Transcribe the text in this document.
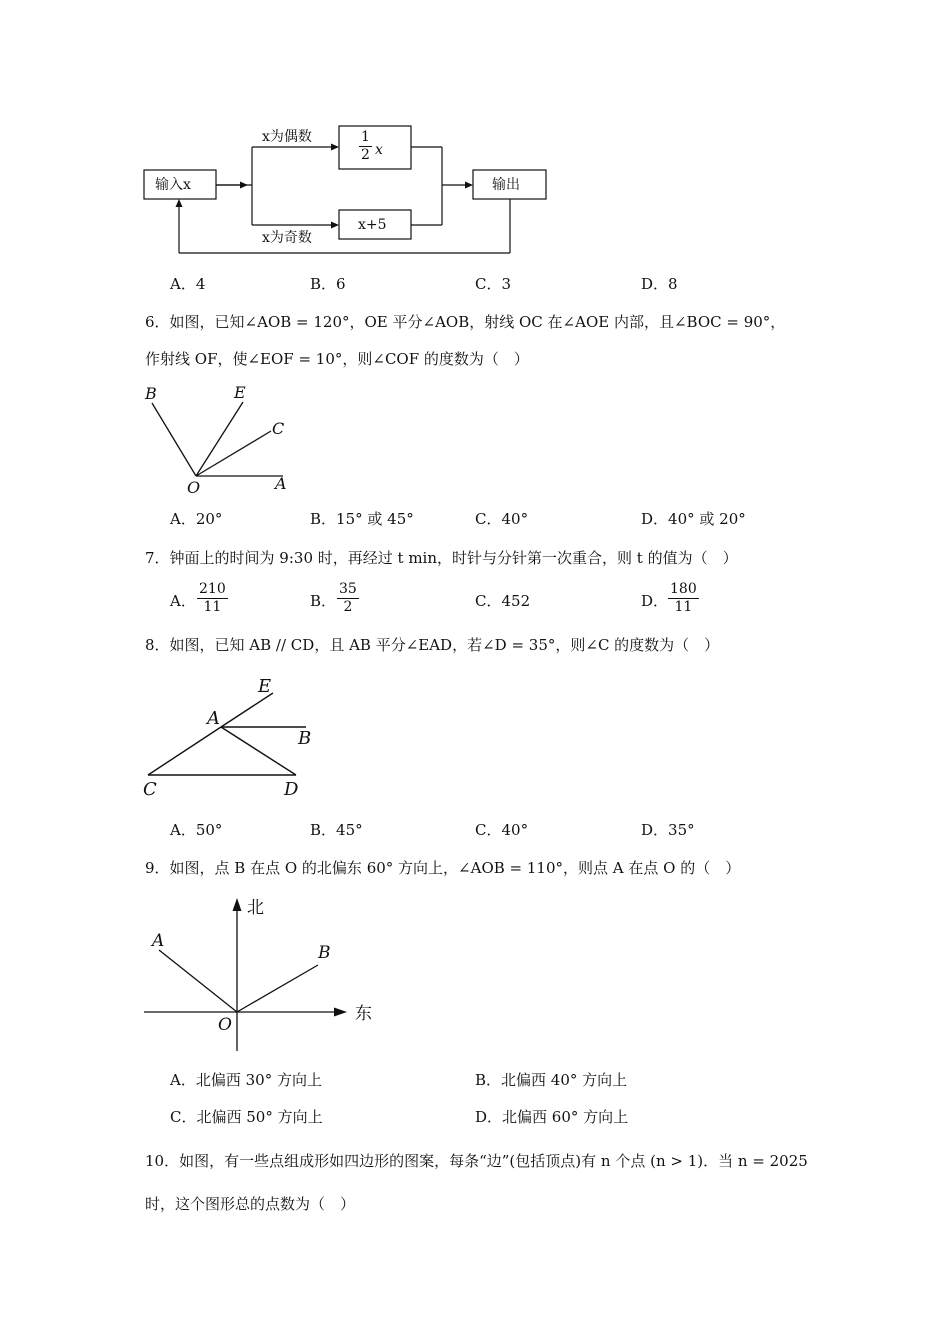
输入x
x为偶数
x为奇数
$\frac{1}{2}$ x
x+5
输出
A．4	B．6	C．3	D．8
6．如图，已知∠AOB = 120°，OE 平分∠AOB，射线 OC 在∠AOE 内部，且∠BOC = 90°，
作射线 OF，使∠EOF = 10°，则∠COF 的度数为（　）
B	E
C
O	A
A．20°	B．15° 或 45°	C．40°	D．40° 或 20°
7．钟面上的时间为 9:30 时，再经过 t min，时针与分针第一次重合，则 t 的值为（　）
A． $\frac{210}{11}$	B． $\frac{35}{2}$	C．452	D． $\frac{180}{11}$
8．如图，已知 AB // CD，且 AB 平分∠EAD，若∠D = 35°，则∠C 的度数为（　）
E
A
B
C	D
A．50°	B．45°	C．40°	D．35°
9．如图，点 B 在点 O 的北偏东 60° 方向上，∠AOB = 110°，则点 A 在点 O 的（　）
北
东
A
B
O
A．北偏西 30° 方向上	B．北偏西 40° 方向上
C．北偏西 50° 方向上	D．北偏西 60° 方向上
10．如图，有一些点组成形如四边形的图案，每条“边”(包括顶点)有 n 个点 (n > 1)．当 n = 2025
时，这个图形总的点数为（　）
